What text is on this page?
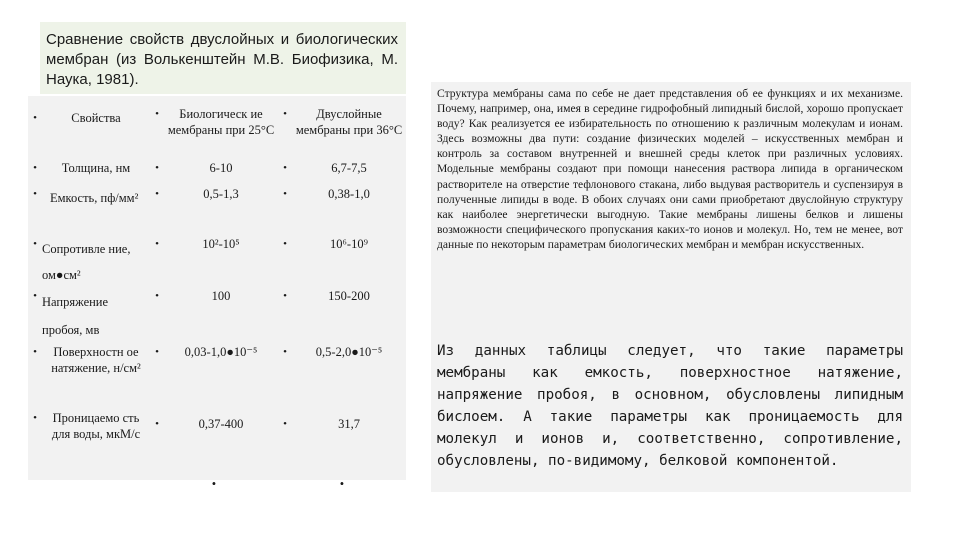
Сравнение свойств двуслойных и биологических мембран (из Волькенштейн М.В. Биофизика, М. Наука, 1981).
• Свойства	• Биологическ ие мембраны при 25°С	• Двуслойные мембраны при 36°С

• Толщина, нм	• 6-10	• 6,7-7,5

• Емкость, пф/мм²	• 0,5-1,3	• 0,38-1,0

• Сопротивле ние, ом●см²	• 10²-10⁵	• 10⁶-10⁹

• Напряжение пробоя, мв	• 100	• 150-200

• Поверхностн ое натяжение, н/см²	• 0,03-1,0●10⁻⁵	• 0,5-2,0●10⁻⁵

• Проницаемо сть для воды, мкМ/с	• 0,37-400	• 31,7

	•	•

Структура мембраны сама по себе не дает представления об ее функциях и их механизме. Почему, например, она, имея в середине гидрофобный липидный бислой, хорошо пропускает воду? Как реализуется ее избирательность по отношению к различным молекулам и ионам. Здесь возможны два пути: создание физических моделей – искусственных мембран и контроль за составом внутренней и внешней среды клеток при различных условиях. Модельные мембраны создают при помощи нанесения раствора липида в органическом растворителе на отверстие тефлонового стакана, либо выдувая растворитель и суспензируя в полученные липиды в воде. В обоих случаях они сами приобретают двуслойную структуру как наиболее энергетически выгодную. Такие мембраны лишены белков и лишены возможности специфического пропускания каких-то ионов и молекул. Но, тем не менее, вот данные по некоторым параметрам биологических мембран и мембран искусственных.

Из данных таблицы следует, что такие параметры мембраны как емкость, поверхностное натяжение, напряжение пробоя, в основном, обусловлены липидным бислоем. А такие параметры как проницаемость для молекул и ионов и, соответственно, сопротивление, обусловлены, по-видимому, белковой компонентой.
